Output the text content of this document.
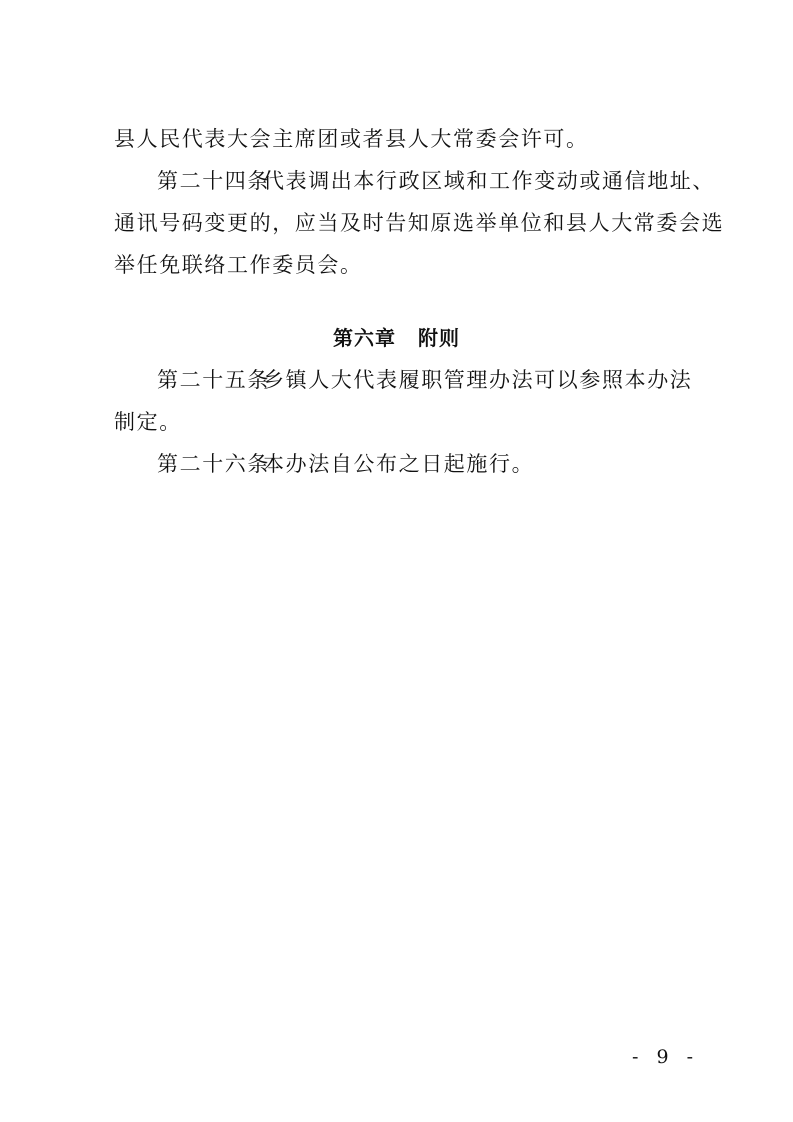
县人民代表大会主席团或者县人大常委会许可。
第二十四条代表调出本行政区域和工作变动或通信地址、
通讯号码变更的，应当及时告知原选举单位和县人大常委会选
举任免联络工作委员会。
第六章 附则
第二十五条乡镇人大代表履职管理办法可以参照本办法
制定。
第二十六条本办法自公布之日起施行。
- 9 -
